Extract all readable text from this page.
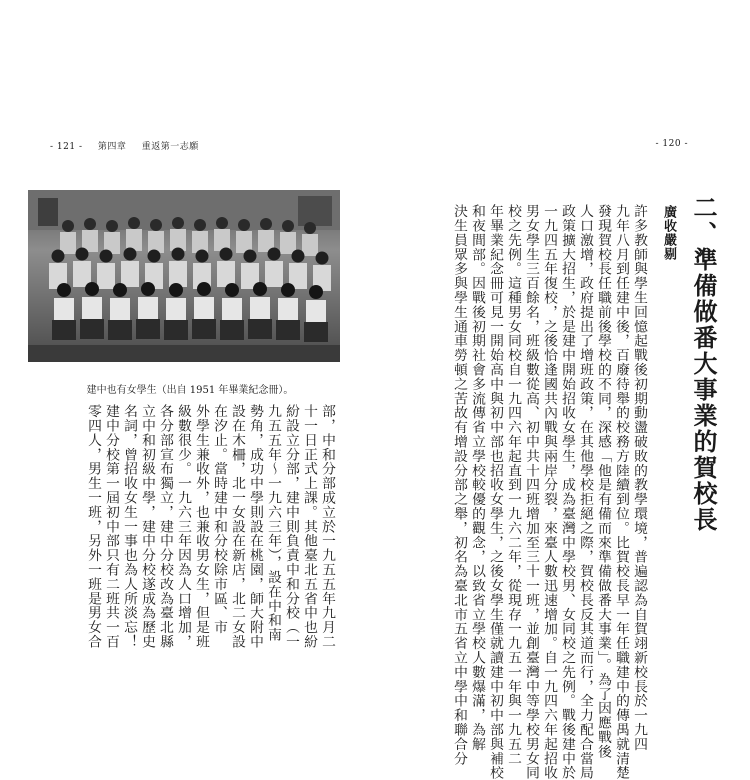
- 121 - 第四章 重返第一志願
建中也有女學生（出自 1951 年畢業紀念冊）。
部，中和分部成立於一九五五年九月二
十一日正式上課。其他臺北五省中也紛
紛設立分部，建中則負責中和分校（一
九五五年〜一九六三年），設在中和南
勢角，成功中學則設在桃園，師大附中
設在木柵，北一女設在新店，北二女設
在汐止。當時建中和分校除市區、市
外學生兼收外，也兼收男女生，但是班
級數很少。一九六三年因為人口增加，
各分部宣布獨立，建中分校改為臺北縣
立中和初級中學，建中分校遂成為歷史
名詞，曾招收女生一事也為人所淡忘！
建中分校第一屆初中部只有二班共一百
零四人，男生一班，另外一班是男女合
- 120 -
二、準備做番大事業的賀校長
廣收嚴剔
許多教師與學生回憶起戰後初期動盪破敗的教學環境，普遍認為自賀翊新校長於一九四
九年八月到任建中後，百廢待舉的校務方陸續到位。比賀校長早一年任職建中的傳禺就清楚
發現賀校長任職前後學校的不同，深感「他是有備而來準備做番大事業」。為了因應戰後
人口激增，政府提出了增班政策，在其他學校拒絕之際，賀校長反其道而行，全力配合當局
政策擴大招生，於是建中開始招收女學生，成為臺灣中學校男、女同校之先例。戰後建中於
一九四五年復校，之後恰逢國共內戰與兩岸分裂，來臺人數迅速增加。自一九四六年起招收
男女學生三百餘名，班級數從高、初中共十四班增加至三十一班，並創臺灣中等學校男女同
校之先例。這種男女同校自一九四六年起直到一九六二年，從現存一九五一年與一九五二
年畢業紀念冊可見一開始高中與初中部也招收女學生，之後女學生僅就讀建中初中部與補校
和夜間部。因戰後初期社會多流傳省立學校較優的觀念，以致省立學校人數爆滿，為解
決生員眾多與學生通車勞頓之苦故有增設分部之舉，初名為臺北市五省立中學中和聯合分
